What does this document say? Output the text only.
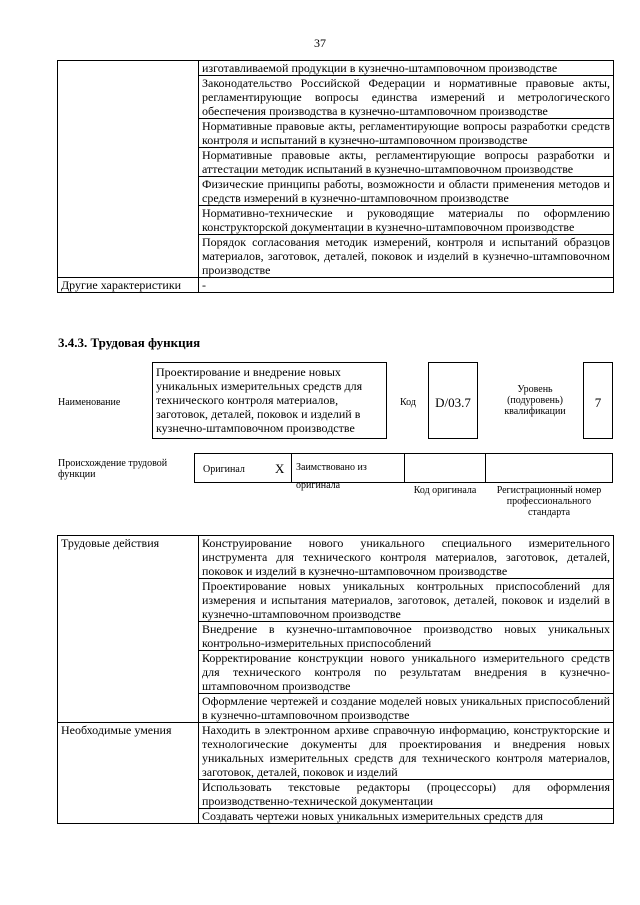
37
	изготавливаемой продукции в кузнечно-штамповочном производстве
	Законодательство Российской Федерации и нормативные правовые акты, регламентирующие вопросы единства измерений и метрологического обеспечения производства в кузнечно-штамповочном производстве
	Нормативные правовые акты, регламентирующие вопросы разработки средств контроля и испытаний в кузнечно-штамповочном производстве
	Нормативные правовые акты, регламентирующие вопросы разработки и аттестации методик испытаний в кузнечно-штамповочном производстве
	Физические принципы работы, возможности и области применения методов и средств измерений в кузнечно-штамповочном производстве
	Нормативно-технические и руководящие материалы по оформлению конструкторской документации в кузнечно-штамповочном производстве
	Порядок согласования методик измерений, контроля и испытаний образцов материалов, заготовок, деталей, поковок и изделий в кузнечно-штамповочном производстве
Другие характеристики	-
3.4.3. Трудовая функция
Наименование
Проектирование и внедрение новых уникальных измерительных средств для технического контроля материалов, заготовок, деталей, поковок и изделий в кузнечно-штамповочном производстве
Код	D/03.7
Уровень (подуровень) квалификации
7
Происхождение трудовой функции	Оригинал X	Заимствовано из оригинала	Код оригинала	Регистрационный номер профессионального стандарта
Трудовые действия	Конструирование нового уникального специального измерительного инструмента для технического контроля материалов, заготовок, деталей, поковок и изделий в кузнечно-штамповочном производстве
	Проектирование новых уникальных контрольных приспособлений для измерения и испытания материалов, заготовок, деталей, поковок и изделий в кузнечно-штамповочном производстве
	Внедрение в кузнечно-штамповочное производство новых уникальных контрольно-измерительных приспособлений
	Корректирование конструкции нового уникального измерительного средств для технического контроля по результатам внедрения в кузнечно-штамповочном производстве
	Оформление чертежей и создание моделей новых уникальных приспособлений в кузнечно-штамповочном производстве
Необходимые умения	Находить в электронном архиве справочную информацию, конструкторские и технологические документы для проектирования и внедрения новых уникальных измерительных средств для технического контроля материалов, заготовок, деталей, поковок и изделий
	Использовать текстовые редакторы (процессоры) для оформления производственно-технической документации
	Создавать чертежи новых уникальных измерительных средств для
